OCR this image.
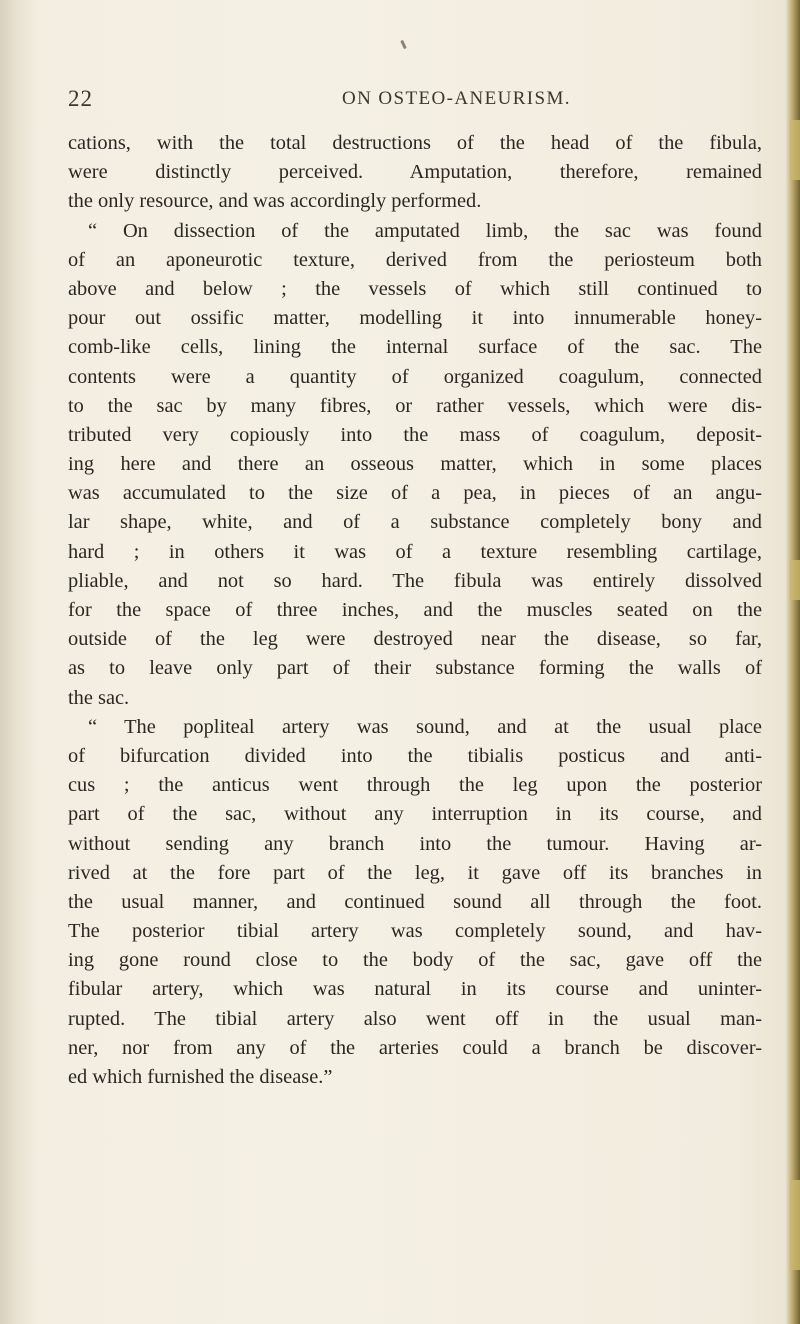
22	ON OSTEO-ANEURISM.
cations, with the total destructions of the head of the fibula,
were distinctly perceived. Amputation, therefore, remained
the only resource, and was accordingly performed.
“ On dissection of the amputated limb, the sac was found
of an aponeurotic texture, derived from the periosteum both
above and below ; the vessels of which still continued to
pour out ossific matter, modelling it into innumerable honey-
comb-like cells, lining the internal surface of the sac. The
contents were a quantity of organized coagulum, connected
to the sac by many fibres, or rather vessels, which were dis-
tributed very copiously into the mass of coagulum, deposit-
ing here and there an osseous matter, which in some places
was accumulated to the size of a pea, in pieces of an angu-
lar shape, white, and of a substance completely bony and
hard ; in others it was of a texture resembling cartilage,
pliable, and not so hard. The fibula was entirely dissolved
for the space of three inches, and the muscles seated on the
outside of the leg were destroyed near the disease, so far,
as to leave only part of their substance forming the walls of
the sac.
“ The popliteal artery was sound, and at the usual place
of bifurcation divided into the tibialis posticus and anti-
cus ; the anticus went through the leg upon the posterior
part of the sac, without any interruption in its course, and
without sending any branch into the tumour. Having ar-
rived at the fore part of the leg, it gave off its branches in
the usual manner, and continued sound all through the foot.
The posterior tibial artery was completely sound, and hav-
ing gone round close to the body of the sac, gave off the
fibular artery, which was natural in its course and uninter-
rupted. The tibial artery also went off in the usual man-
ner, nor from any of the arteries could a branch be discover-
ed which furnished the disease.”
